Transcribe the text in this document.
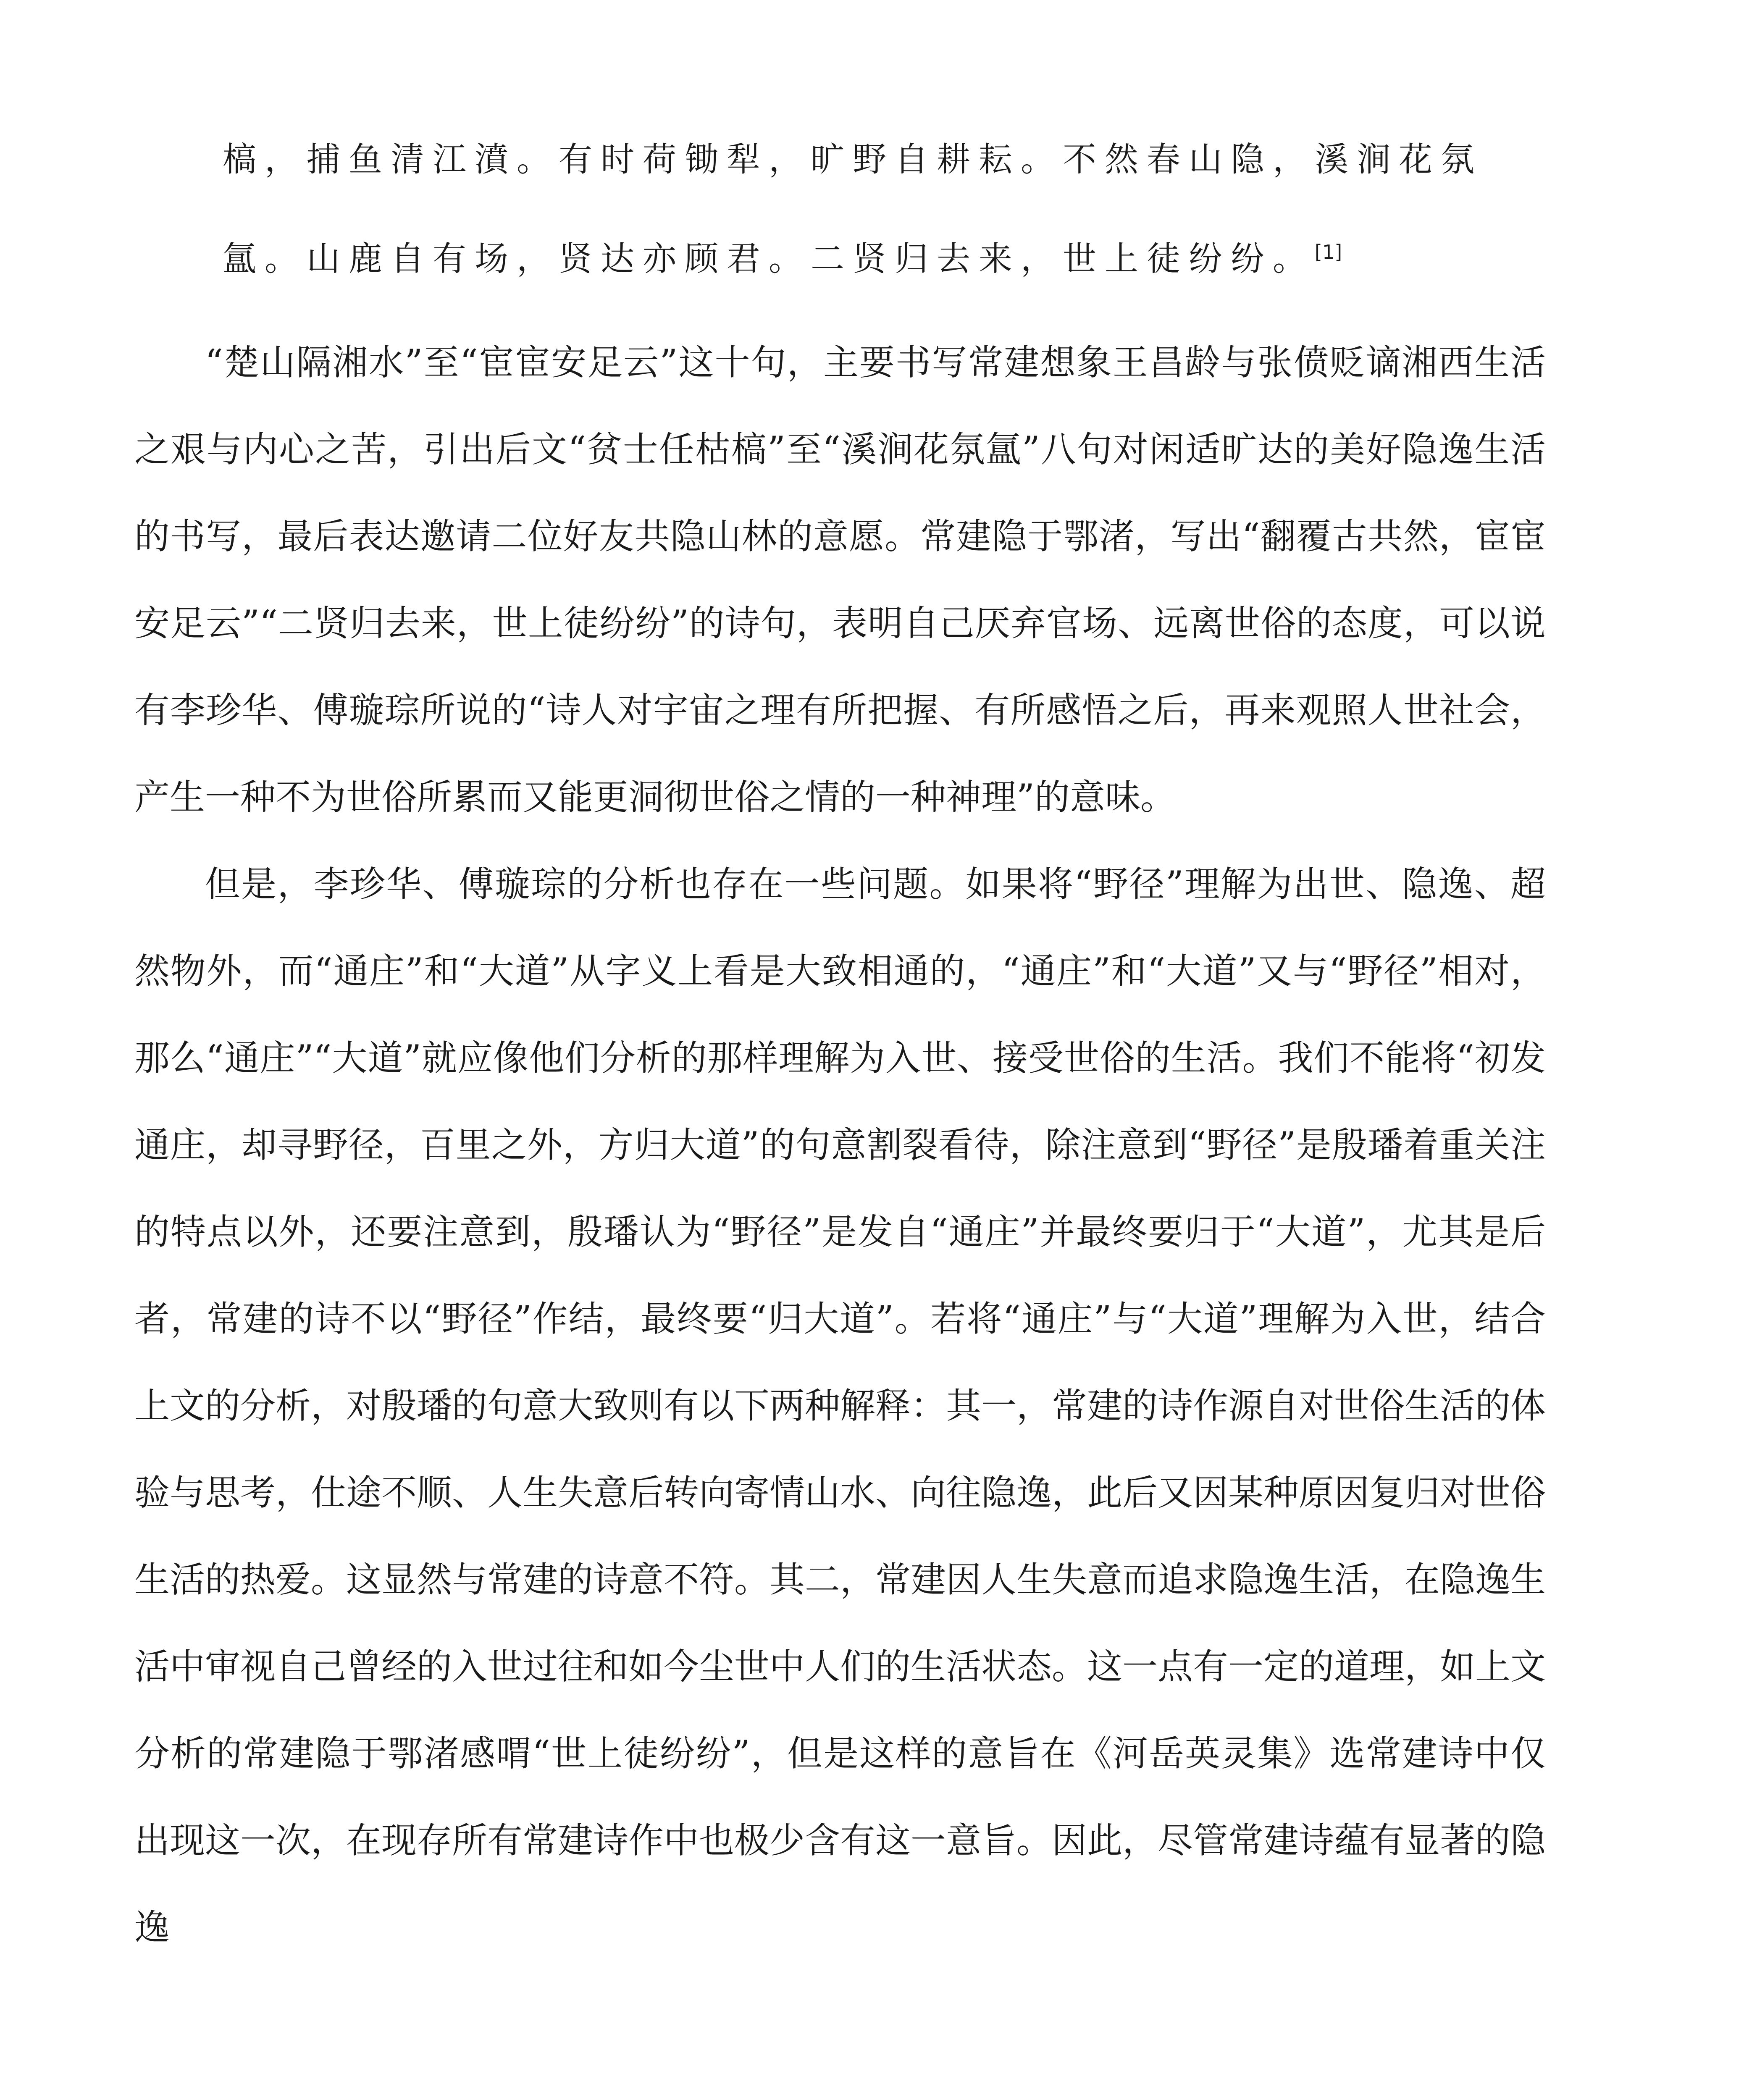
槁，捕鱼清江濆。有时荷锄犁，旷野自耕耘。不然春山隐，溪涧花氛

氲。山鹿自有场，贤达亦顾君。二贤归去来，世上徒纷纷。[1]

“楚山隔湘水”至“宦宦安足云”这十句，主要书写常建想象王昌龄与张偾贬谪湘西生活之艰与内心之苦，引出后文“贫士任枯槁”至“溪涧花氛氲”八句对闲适旷达的美好隐逸生活的书写，最后表达邀请二位好友共隐山林的意愿。常建隐于鄂渚，写出“翻覆古共然，宦宦安足云”“二贤归去来，世上徒纷纷”的诗句，表明自己厌弃官场、远离世俗的态度，可以说有李珍华、傅璇琮所说的“诗人对宇宙之理有所把握、有所感悟之后，再来观照人世社会，产生一种不为世俗所累而又能更洞彻世俗之情的一种神理”的意味。

但是，李珍华、傅璇琮的分析也存在一些问题。如果将“野径”理解为出世、隐逸、超然物外，而“通庄”和“大道”从字义上看是大致相通的，“通庄”和“大道”又与“野径”相对，那么“通庄”“大道”就应像他们分析的那样理解为入世、接受世俗的生活。我们不能将“初发通庄，却寻野径，百里之外，方归大道”的句意割裂看待，除注意到“野径”是殷璠着重关注的特点以外，还要注意到，殷璠认为“野径”是发自“通庄”并最终要归于“大道”，尤其是后者，常建的诗不以“野径”作结，最终要“归大道”。若将“通庄”与“大道”理解为入世，结合上文的分析，对殷璠的句意大致则有以下两种解释：其一，常建的诗作源自对世俗生活的体验与思考，仕途不顺、人生失意后转向寄情山水、向往隐逸，此后又因某种原因复归对世俗生活的热爱。这显然与常建的诗意不符。其二，常建因人生失意而追求隐逸生活，在隐逸生活中审视自己曾经的入世过往和如今尘世中人们的生活状态。这一点有一定的道理，如上文分析的常建隐于鄂渚感喟“世上徒纷纷”，但是这样的意旨在《河岳英灵集》选常建诗中仅出现这一次，在现存所有常建诗作中也极少含有这一意旨。因此，尽管常建诗蕴有显著的隐逸
